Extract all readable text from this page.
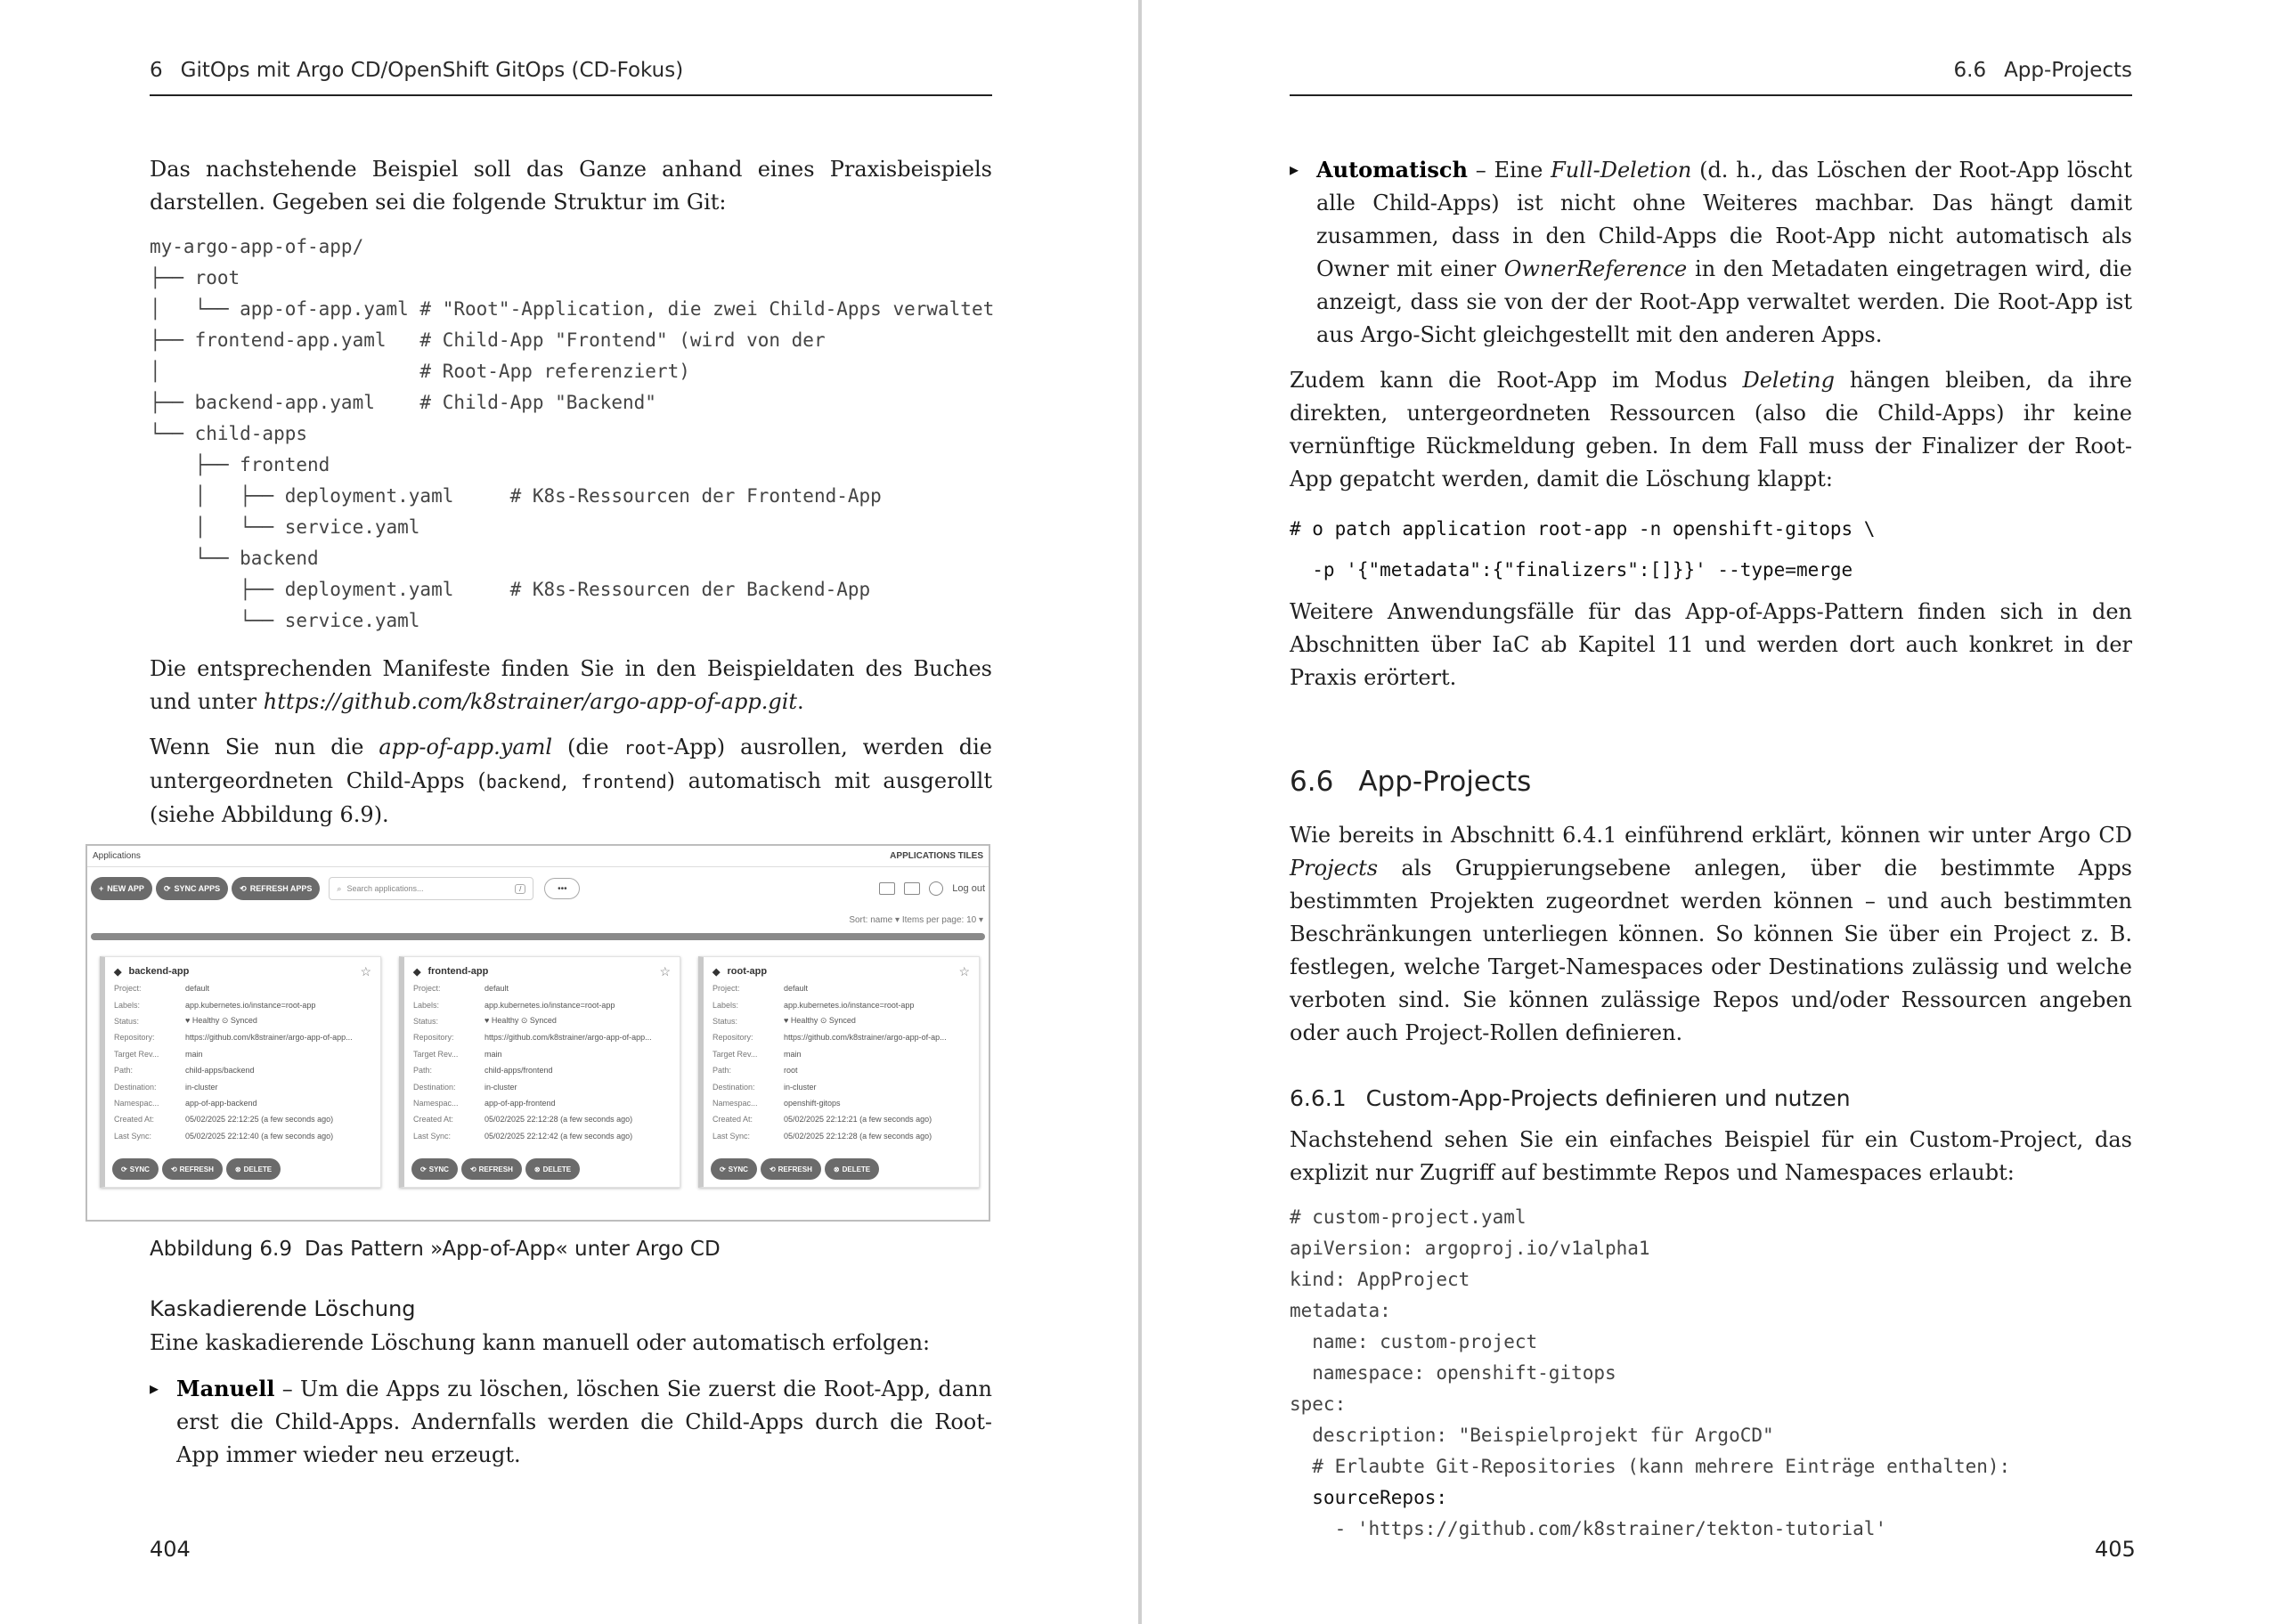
6 GitOps mit Argo CD/OpenShift GitOps (CD-Fokus)

Das nachstehende Beispiel soll das Ganze anhand eines Praxisbeispiels darstellen. Gegeben sei die folgende Struktur im Git:

my-argo-app-of-app/
├── root
│   └── app-of-app.yaml # "Root"-Application, die zwei Child-Apps verwaltet
├── frontend-app.yaml   # Child-App "Frontend" (wird von der
│                       # Root-App referenziert)
├── backend-app.yaml    # Child-App "Backend"
└── child-apps
├── frontend
│   ├── deployment.yaml     # K8s-Ressourcen der Frontend-App
│   └── service.yaml
└── backend
├── deployment.yaml     # K8s-Ressourcen der Backend-App
└── service.yaml

Die entsprechenden Manifeste finden Sie in den Beispieldaten des Buches und unter https://github.com/k8strainer/argo-app-of-app.git.

Wenn Sie nun die app-of-app.yaml (die root-App) ausrollen, werden die untergeordneten Child-Apps (backend, frontend) automatisch mit ausgerollt (siehe Abbildung 6.9).

Applications	APPLICATIONS TILES
+ NEW APP ⟳ SYNC APPS ⟲ REFRESH APPS	⌕ Search applications...	/	•••	Log out
Sort: name ▾ Items per page: 10 ▾
◆ backend-app	☆
Project:	default
Labels:	app.kubernetes.io/instance=root-app
Status:	♥ Healthy ⊙ Synced
Repository:	https://github.com/k8strainer/argo-app-of-app...
Target Rev...	main
Path:	child-apps/backend
Destination:	in-cluster
Namespac...	app-of-app-backend
Created At:	05/02/2025 22:12:25 (a few seconds ago)
Last Sync:	05/02/2025 22:12:40 (a few seconds ago)
⟳ SYNC	⟲ REFRESH	⊗ DELETE
◆ frontend-app	☆
Project:	default
Labels:	app.kubernetes.io/instance=root-app
Status:	♥ Healthy ⊙ Synced
Repository:	https://github.com/k8strainer/argo-app-of-app...
Target Rev...	main
Path:	child-apps/frontend
Destination:	in-cluster
Namespac...	app-of-app-frontend
Created At:	05/02/2025 22:12:28 (a few seconds ago)
Last Sync:	05/02/2025 22:12:42 (a few seconds ago)
⟳ SYNC	⟲ REFRESH	⊗ DELETE
◆ root-app	☆
Project:	default
Labels:	app.kubernetes.io/instance=root-app
Status:	♥ Healthy ⊙ Synced
Repository:	https://github.com/k8strainer/argo-app-of-ap...
Target Rev...	main
Path:	root
Destination:	in-cluster
Namespac...	openshift-gitops
Created At:	05/02/2025 22:12:21 (a few seconds ago)
Last Sync:	05/02/2025 22:12:28 (a few seconds ago)
⟳ SYNC	⟲ REFRESH	⊗ DELETE
Abbildung 6.9 Das Pattern »App-of-App« unter Argo CD
Kaskadierende Löschung

Eine kaskadierende Löschung kann manuell oder automatisch erfolgen:

▸ Manuell – Um die Apps zu löschen, löschen Sie zuerst die Root-App, dann erst die Child-Apps. Andernfalls werden die Child-Apps durch die Root-App immer wieder neu erzeugt.
404
6.6 App-Projects
▸ Automatisch – Eine Full-Deletion (d. h., das Löschen der Root-App löscht alle Child-Apps) ist nicht ohne Weiteres machbar. Das hängt damit zusammen, dass in den Child-Apps die Root-App nicht automatisch als Owner mit einer OwnerReference in den Metadaten eingetragen wird, die anzeigt, dass sie von der der Root-App verwaltet werden. Die Root-App ist aus Argo-Sicht gleichgestellt mit den anderen Apps.

Zudem kann die Root-App im Modus Deleting hängen bleiben, da ihre direkten, untergeordneten Ressourcen (also die Child-Apps) ihr keine vernünftige Rückmeldung geben. In dem Fall muss der Finalizer der Root-App gepatcht werden, damit die Löschung klappt:

# o patch application root-app -n openshift-gitops \
-p '{"metadata":{"finalizers":[]}}' --type=merge

Weitere Anwendungsfälle für das App-of-Apps-Pattern finden sich in den Abschnitten über IaC ab Kapitel 11 und werden dort auch konkret in der Praxis erörtert.

6.6 App-Projects

Wie bereits in Abschnitt 6.4.1 einführend erklärt, können wir unter Argo CD Projects als Gruppierungsebene anlegen, über die bestimmte Apps bestimmten Projekten zugeordnet werden können – und auch bestimmten Beschränkungen unterliegen können. So können Sie über ein Project z. B. festlegen, welche Target-Namespaces oder Destinations zulässig und welche verboten sind. Sie können zulässige Repos und/oder Ressourcen angeben oder auch Project-Rollen definieren.

6.6.1 Custom-App-Projects definieren und nutzen

Nachstehend sehen Sie ein einfaches Beispiel für ein Custom-Project, das explizit nur Zugriff auf bestimmte Repos und Namespaces erlaubt:

# custom-project.yaml
apiVersion: argoproj.io/v1alpha1
kind: AppProject
metadata:
name: custom-project
namespace: openshift-gitops
spec:
description: "Beispielprojekt für ArgoCD"
# Erlaubte Git-Repositories (kann mehrere Einträge enthalten):
sourceRepos:
- 'https://github.com/k8strainer/tekton-tutorial'
405
